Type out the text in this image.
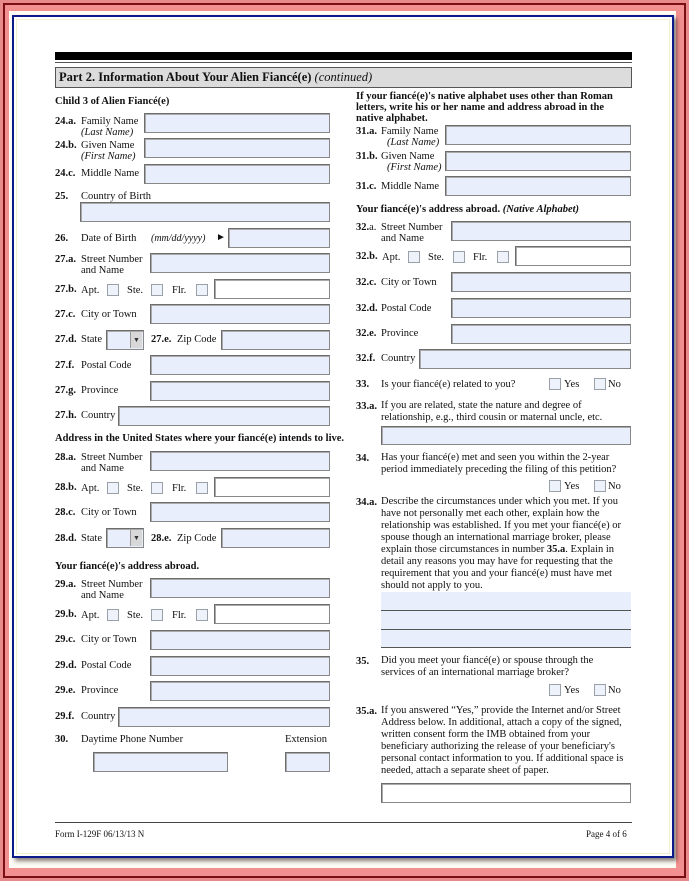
Part 2. Information About Your Alien Fiancé(e) (continued)
Child 3 of Alien Fiancé(e)
24.a. Family Name
(Last Name)
24.b. Given Name
(First Name)
24.c. Middle Name
25. Country of Birth
26. Date of Birth (mm/dd/yyyy) ►
27.a. Street Number
and Name
27.b. Apt.	Ste.	Flr.
27.c. City or Town
27.d. State	▼ 27.e. Zip Code
27.f. Postal Code
27.g. Province
27.h. Country
Address in the United States where your fiancé(e) intends to live.
28.a. Street Number
and Name
28.b. Apt.	Ste.	Flr.
28.c. City or Town
28.d. State	▼ 28.e. Zip Code
Your fiancé(e)'s address abroad.
29.a. Street Number
and Name
29.b. Apt.	Ste.	Flr.
29.c. City or Town
29.d. Postal Code
29.e. Province
29.f. Country
30. Daytime Phone Number	Extension
If your fiancé(e)'s native alphabet uses other than Roman
letters, write his or her name and address abroad in the
native alphabet.
31.a. Family Name
(Last Name)
31.b. Given Name
(First Name)
31.c. Middle Name
Your fiancé(e)'s address abroad. (Native Alphabet)
32.a. Street Number
and Name
32.b. Apt.	Ste.	Flr.
32.c. City or Town
32.d. Postal Code
32.e. Province
32.f. Country
33. Is your fiancé(e) related to you?	Yes	No
33.a. If you are related, state the nature and degree of
relationship, e.g., third cousin or maternal uncle, etc.
34. Has your fiancé(e) met and seen you within the 2-year
period immediately preceding the filing of this petition?
Yes	No
34.a. Describe the circumstances under which you met. If you
have not personally met each other, explain how the
relationship was established. If you met your fiancé(e) or
spouse though an international marriage broker, please
explain those circumstances in number 35.a. Explain in
detail any reasons you may have for requesting that the
requirement that you and your fiancé(e) must have met
should not apply to you.
35. Did you meet your fiancé(e) or spouse through the
services of an international marriage broker?
Yes	No
35.a. If you answered “Yes,” provide the Internet and/or Street
Address below. In additional, attach a copy of the signed,
written consent form the IMB obtained from your
beneficiary authorizing the release of your beneficiary's
personal contact information to you. If additional space is
needed, attach a separate sheet of paper.
Form I-129F 06/13/13 N	Page 4 of 6
